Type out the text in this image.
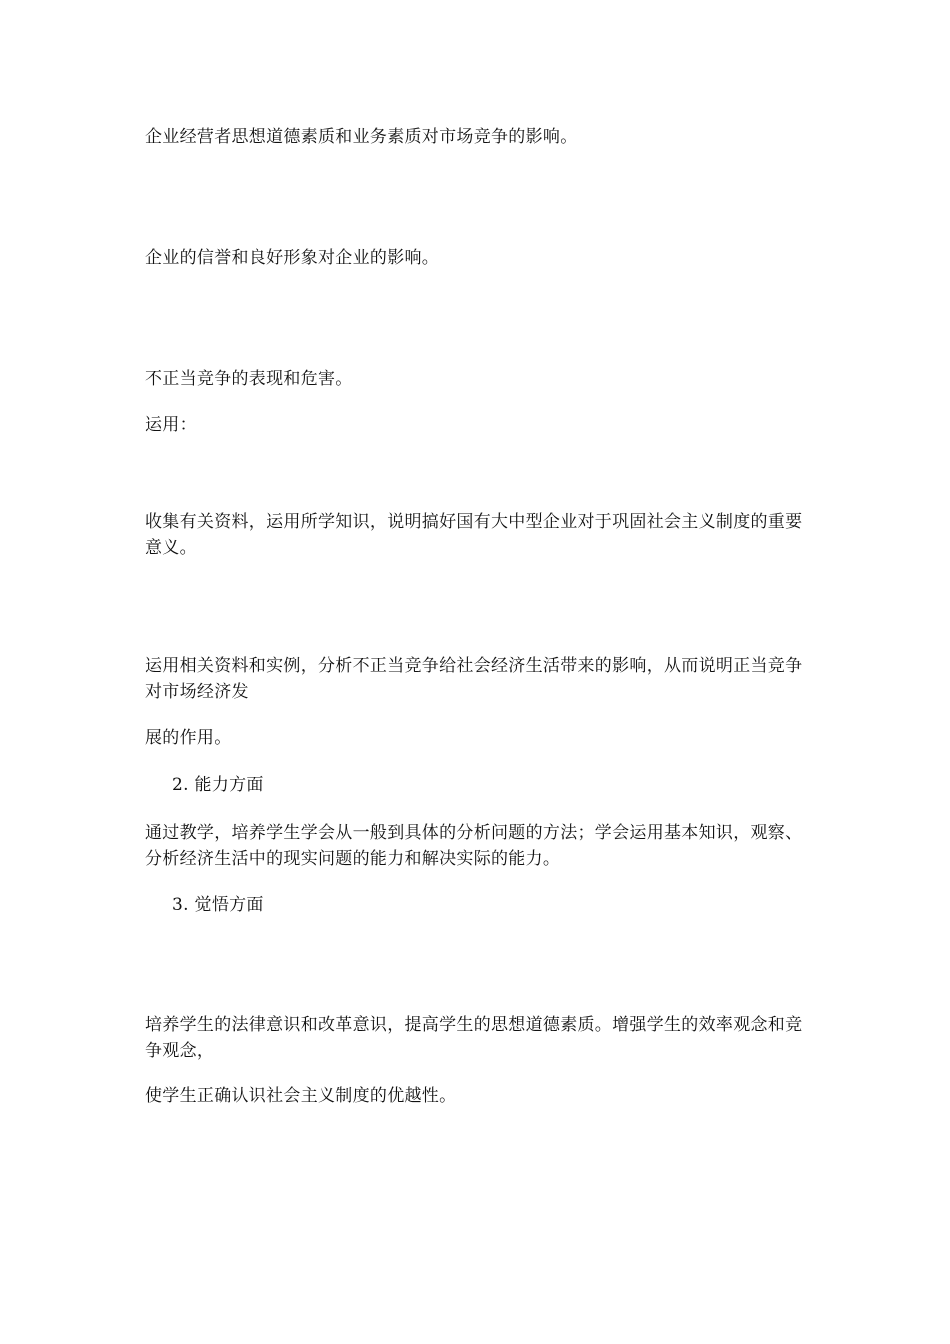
企业经营者思想道德素质和业务素质对市场竞争的影响。

企业的信誉和良好形象对企业的影响。

不正当竞争的表现和危害。

运用：

收集有关资料，运用所学知识，说明搞好国有大中型企业对于巩固社会主义制度的重要意义。

运用相关资料和实例，分析不正当竞争给社会经济生活带来的影响，从而说明正当竞争对市场经济发

展的作用。

2. 能力方面

通过教学，培养学生学会从一般到具体的分析问题的方法；学会运用基本知识，观察、分析经济生活中的现实问题的能力和解决实际的能力。

3. 觉悟方面

培养学生的法律意识和改革意识，提高学生的思想道德素质。增强学生的效率观念和竞争观念，

使学生正确认识社会主义制度的优越性。
